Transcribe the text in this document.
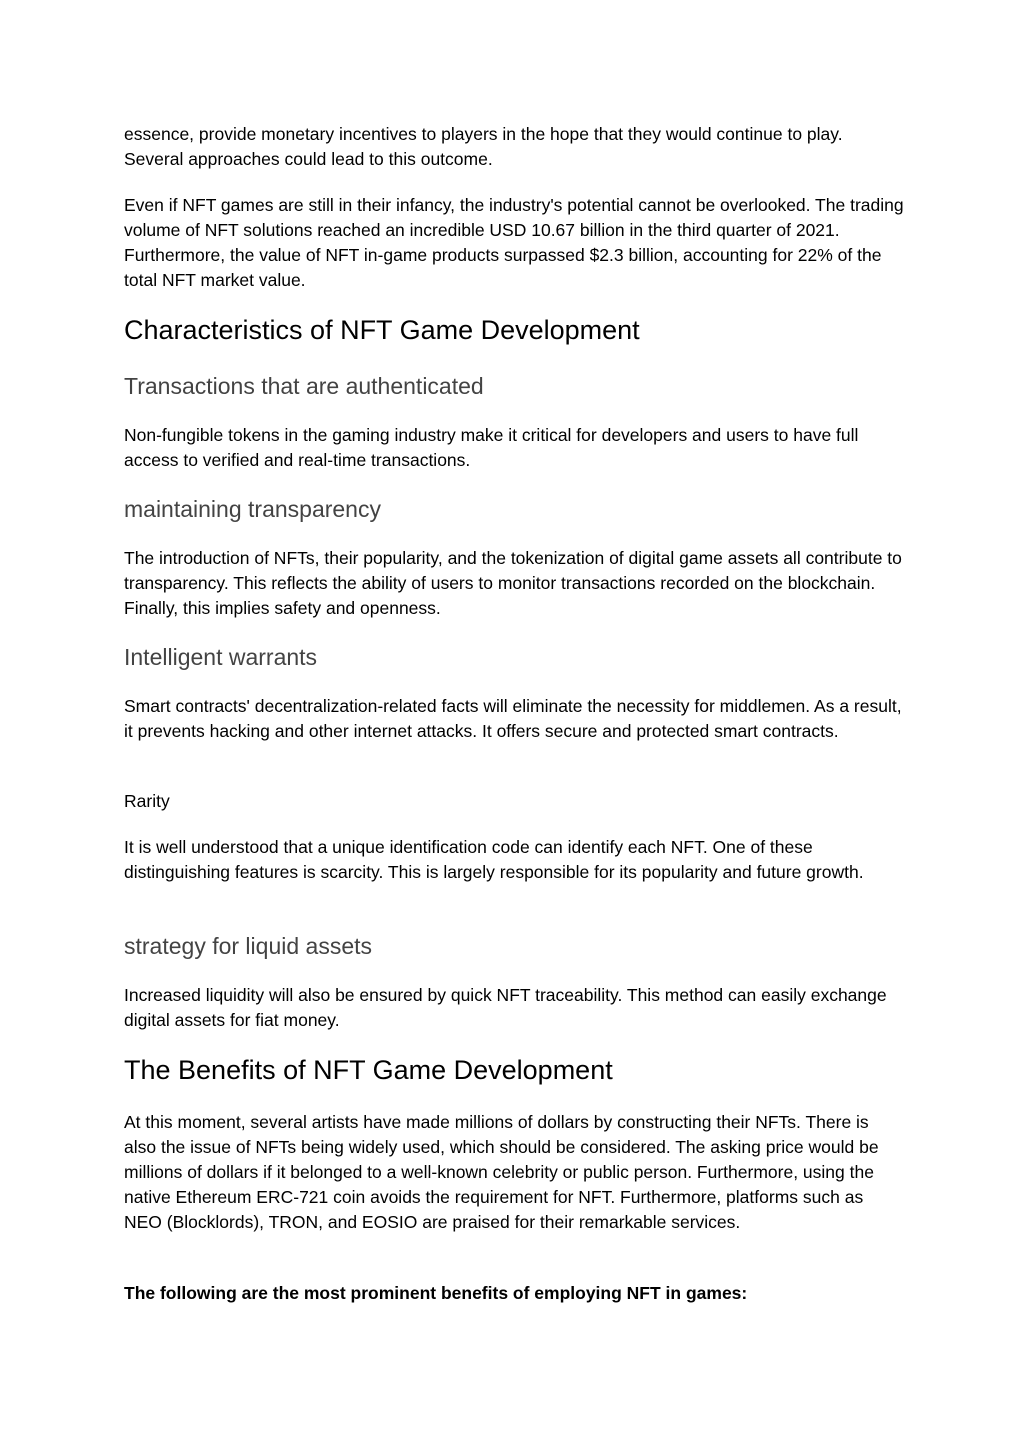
essence, provide monetary incentives to players in the hope that they would continue to play. Several approaches could lead to this outcome.

Even if NFT games are still in their infancy, the industry's potential cannot be overlooked. The trading volume of NFT solutions reached an incredible USD 10.67 billion in the third quarter of 2021. Furthermore, the value of NFT in-game products surpassed $2.3 billion, accounting for 22% of the total NFT market value.

Characteristics of NFT Game Development
Transactions that are authenticated

Non-fungible tokens in the gaming industry make it critical for developers and users to have full access to verified and real-time transactions.

maintaining transparency

The introduction of NFTs, their popularity, and the tokenization of digital game assets all contribute to transparency. This reflects the ability of users to monitor transactions recorded on the blockchain. Finally, this implies safety and openness.

Intelligent warrants

Smart contracts' decentralization-related facts will eliminate the necessity for middlemen. As a result, it prevents hacking and other internet attacks. It offers secure and protected smart contracts.

Rarity

It is well understood that a unique identification code can identify each NFT. One of these distinguishing features is scarcity. This is largely responsible for its popularity and future growth.

strategy for liquid assets

Increased liquidity will also be ensured by quick NFT traceability. This method can easily exchange digital assets for fiat money.

The Benefits of NFT Game Development

At this moment, several artists have made millions of dollars by constructing their NFTs. There is also the issue of NFTs being widely used, which should be considered. The asking price would be millions of dollars if it belonged to a well-known celebrity or public person. Furthermore, using the native Ethereum ERC-721 coin avoids the requirement for NFT. Furthermore, platforms such as NEO (Blocklords), TRON, and EOSIO are praised for their remarkable services.

The following are the most prominent benefits of employing NFT in games:
